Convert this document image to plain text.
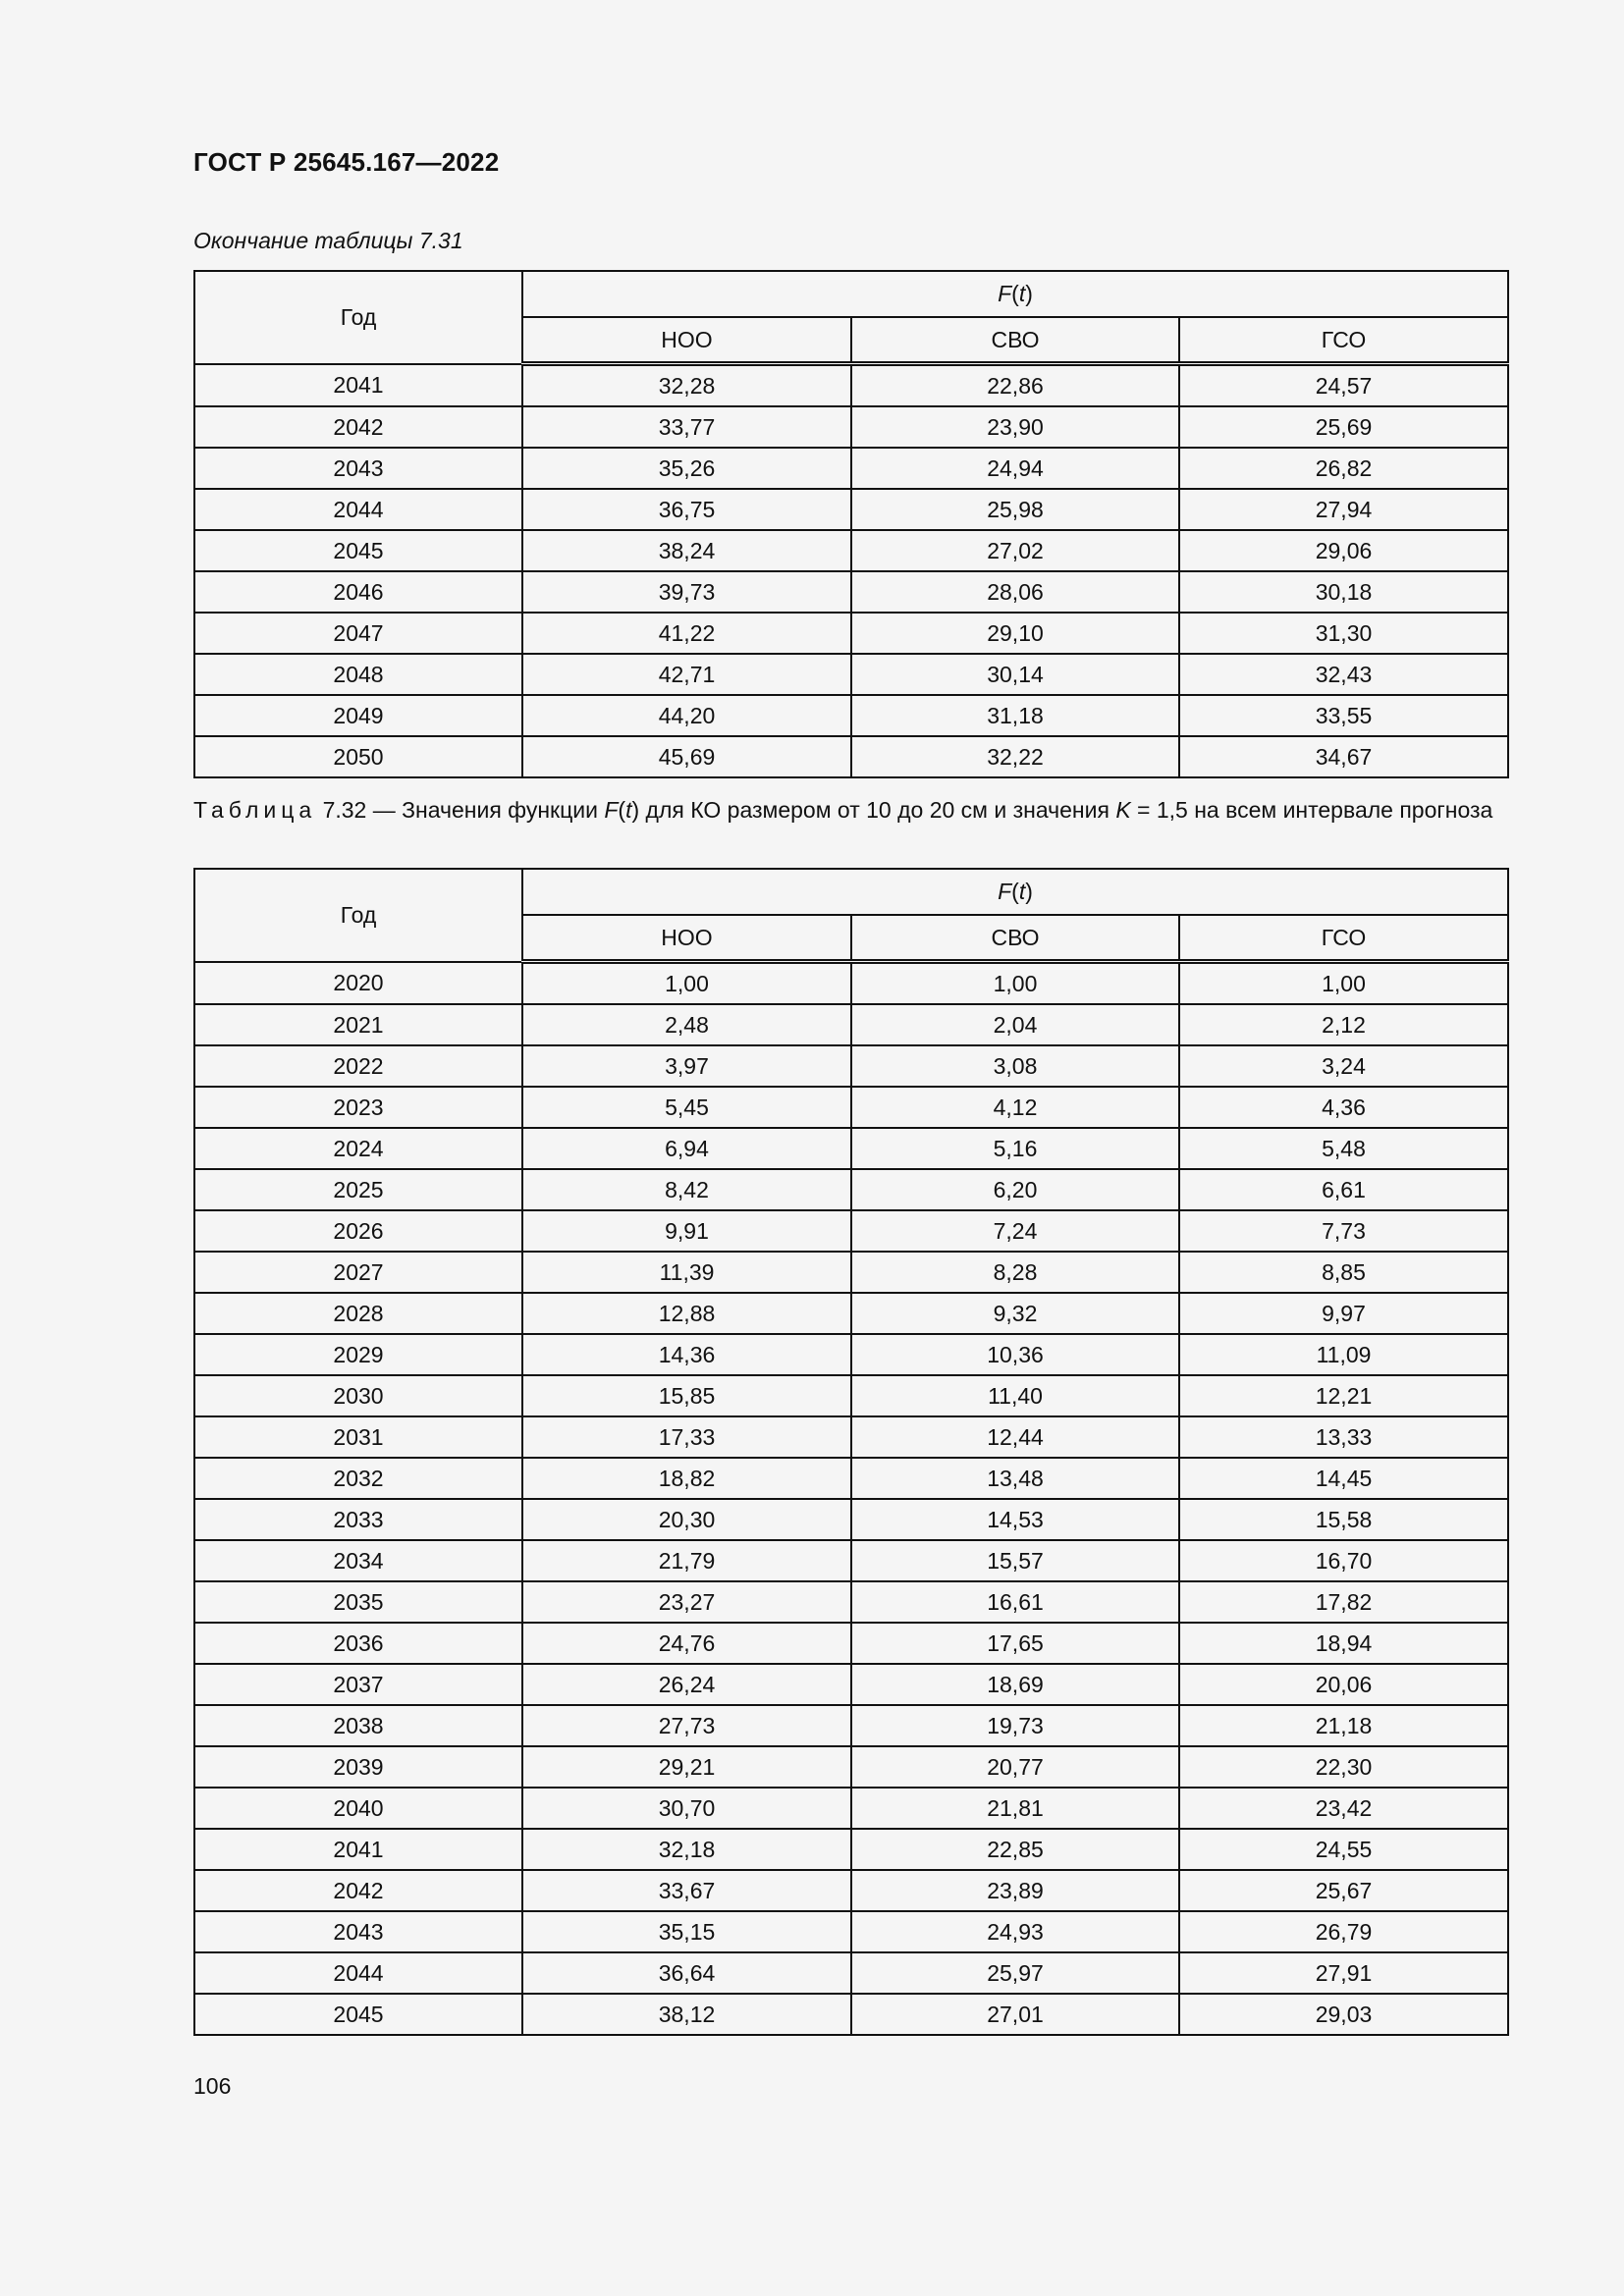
ГОСТ Р 25645.167—2022
Окончание таблицы 7.31
Год	F(t)		
	НОО	СВО	ГСО
2041	32,28	22,86	24,57
2042	33,77	23,90	25,69
2043	35,26	24,94	26,82
2044	36,75	25,98	27,94
2045	38,24	27,02	29,06
2046	39,73	28,06	30,18
2047	41,22	29,10	31,30
2048	42,71	30,14	32,43
2049	44,20	31,18	33,55
2050	45,69	32,22	34,67
Таблица 7.32 — Значения функции F(t) для КО размером от 10 до 20 см и значения K = 1,5 на всем интервале прогноза
Год	F(t)		
	НОО	СВО	ГСО
2020	1,00	1,00	1,00
2021	2,48	2,04	2,12
2022	3,97	3,08	3,24
2023	5,45	4,12	4,36
2024	6,94	5,16	5,48
2025	8,42	6,20	6,61
2026	9,91	7,24	7,73
2027	11,39	8,28	8,85
2028	12,88	9,32	9,97
2029	14,36	10,36	11,09
2030	15,85	11,40	12,21
2031	17,33	12,44	13,33
2032	18,82	13,48	14,45
2033	20,30	14,53	15,58
2034	21,79	15,57	16,70
2035	23,27	16,61	17,82
2036	24,76	17,65	18,94
2037	26,24	18,69	20,06
2038	27,73	19,73	21,18
2039	29,21	20,77	22,30
2040	30,70	21,81	23,42
2041	32,18	22,85	24,55
2042	33,67	23,89	25,67
2043	35,15	24,93	26,79
2044	36,64	25,97	27,91
2045	38,12	27,01	29,03
106
